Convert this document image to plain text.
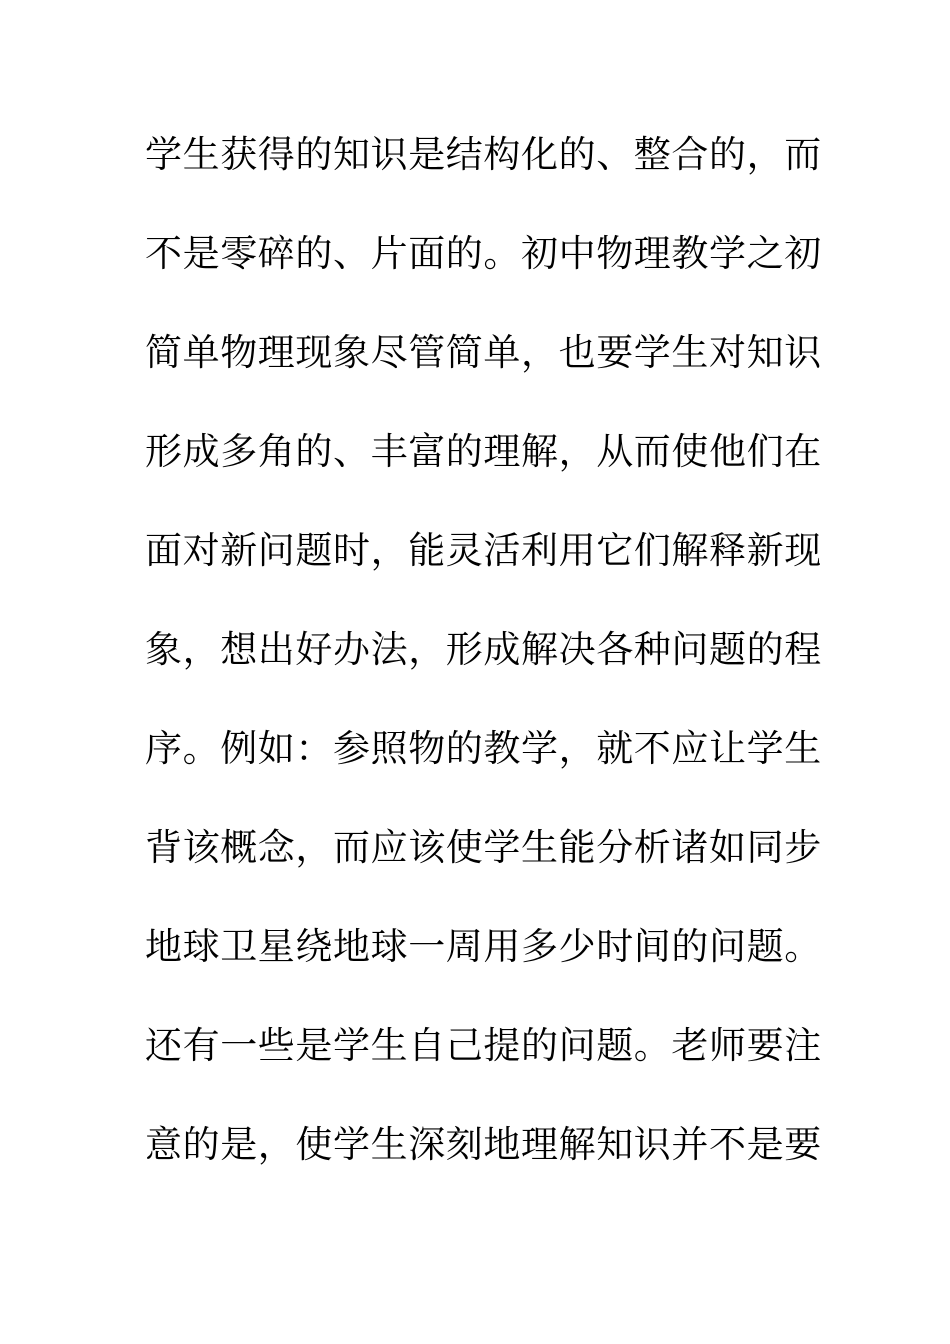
学生获得的知识是结构化的、整合的，而
不是零碎的、片面的。初中物理教学之初
简单物理现象尽管简单，也要学生对知识
形成多角的、丰富的理解，从而使他们在
面对新问题时，能灵活利用它们解释新现
象，想出好办法，形成解决各种问题的程
序。例如：参照物的教学，就不应让学生
背该概念，而应该使学生能分析诸如同步
地球卫星绕地球一周用多少时间的问题。
还有一些是学生自己提的问题。老师要注
意的是，使学生深刻地理解知识并不是要
